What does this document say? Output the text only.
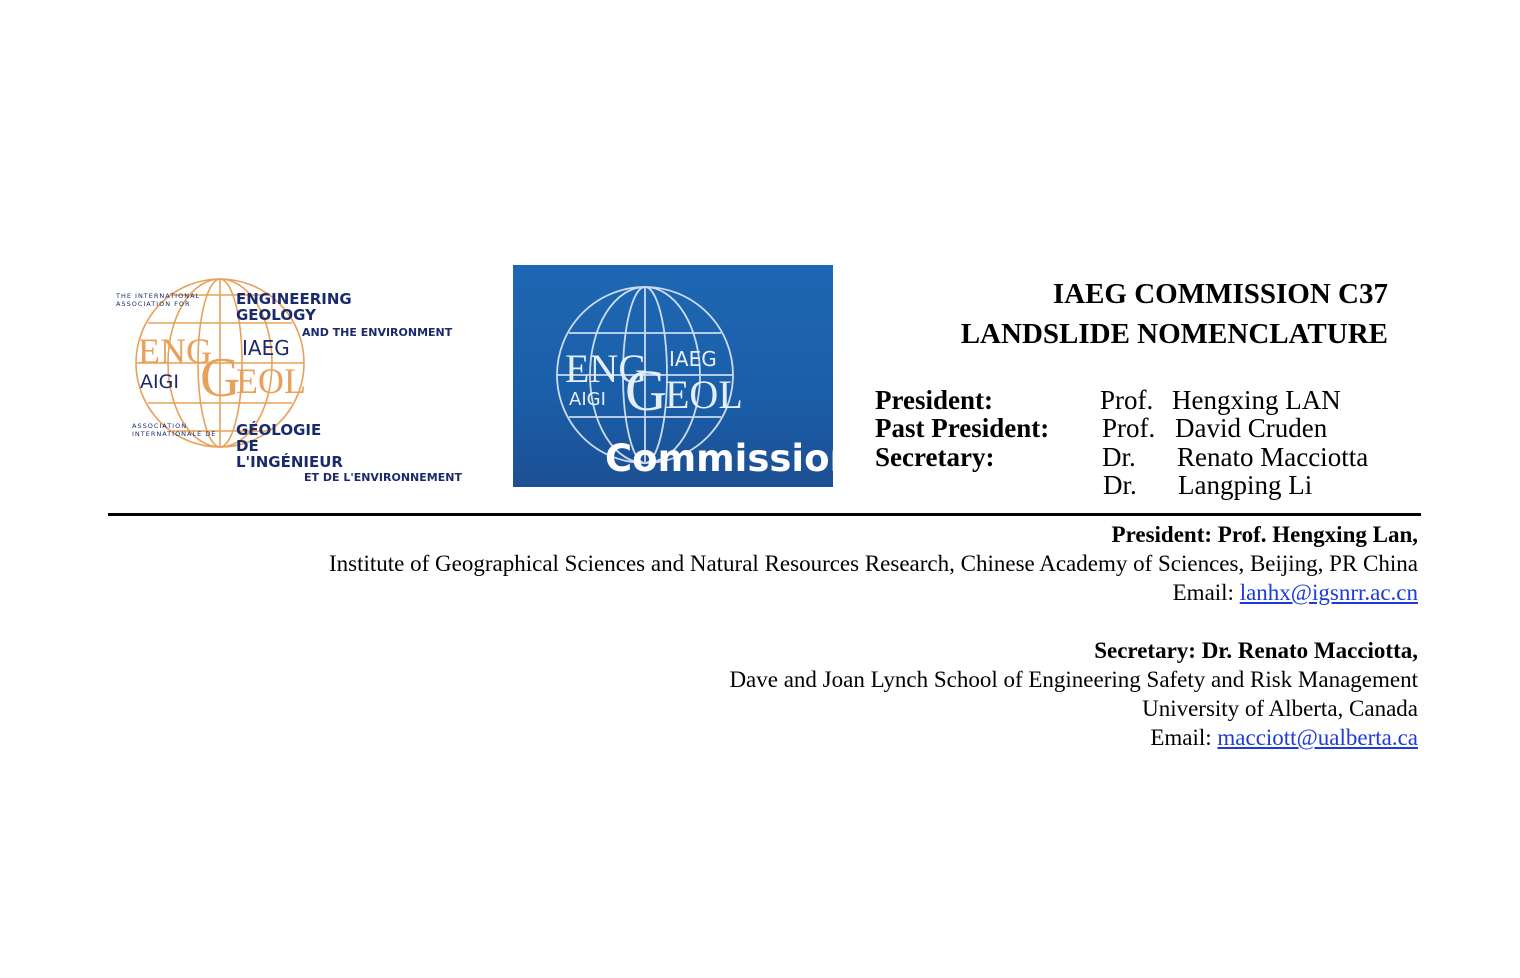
THE INTERNATIONAL ASSOCIATION FOR	ENGINEERING
GEOLOGY
AND THE ENVIRONMENT
ENG IAEG
AIGI G
EOL
ASSOCIATION INTERNATIONALE DE	GÉOLOGIE
DE
L'INGÉNIEUR
ET DE L'ENVIRONNEMENT
ENG IAEG
AIGI G
EOL
Commission
IAEG COMMISSION C37
LANDSLIDE NOMENCLATURE
President:	Prof. Hengxing LAN
Past President: Prof. David Cruden
Secretary:	Dr. Renato Macciotta
Dr. Langping Li
President: Prof. Hengxing Lan,
Institute of Geographical Sciences and Natural Resources Research, Chinese Academy of Sciences, Beijing, PR China
Email: lanhx@igsnrr.ac.cn
Secretary: Dr. Renato Macciotta,
Dave and Joan Lynch School of Engineering Safety and Risk Management
University of Alberta, Canada
Email: macciott@ualberta.ca
